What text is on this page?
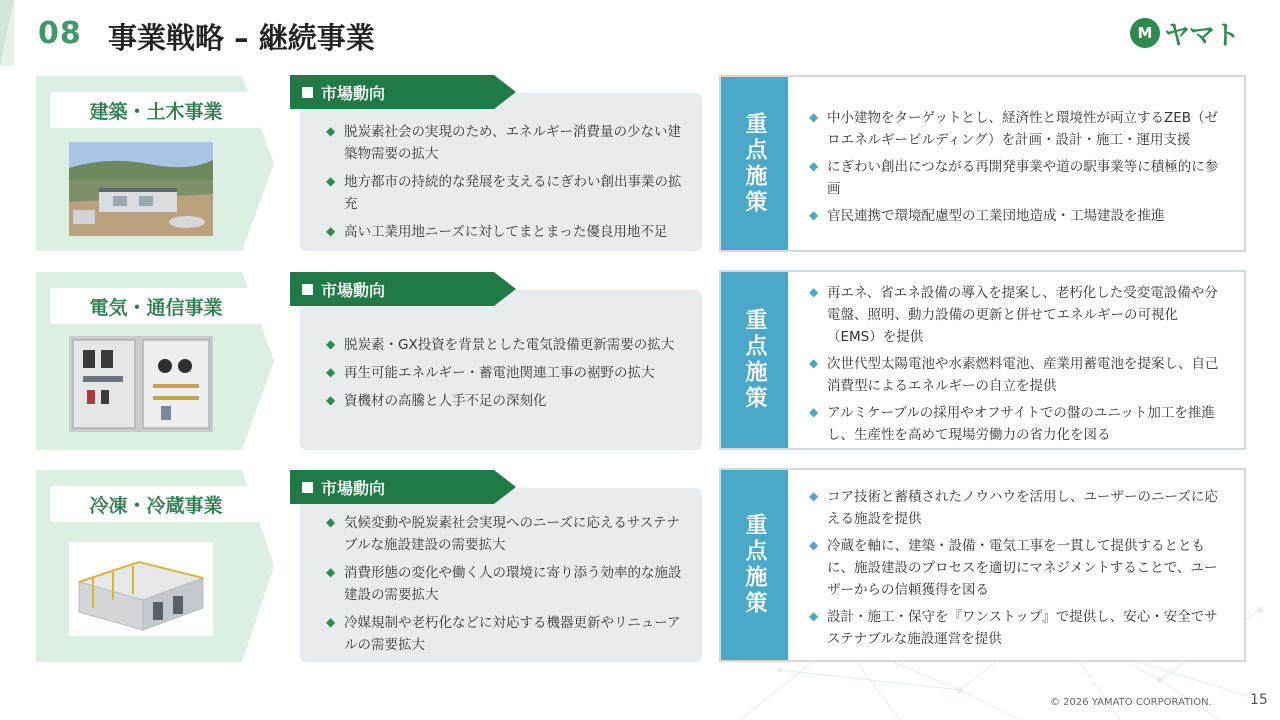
08 事業戦略 – 継続事業	M ヤマト
建築・土木事業
市場動向
◆ 脱炭素社会の実現のため、エネルギー消費量の少ない建築物需要の拡大
◆ 地方都市の持続的な発展を支えるにぎわい創出事業の拡充
◆ 高い工業用地ニーズに対してまとまった優良用地不足
重点施策	◆ 中小建物をターゲットとし、経済性と環境性が両立するZEB（ゼロエネルギービルディング）を計画・設計・施工・運用支援
◆ にぎわい創出につながる再開発事業や道の駅事業等に積極的に参画
◆ 官民連携で環境配慮型の工業団地造成・工場建設を推進
電気・通信事業
市場動向
◆ 脱炭素・GX投資を背景とした電気設備更新需要の拡大
◆ 再生可能エネルギー・蓄電池関連工事の裾野の拡大
◆ 資機材の高騰と人手不足の深刻化	重点施策
◆ 再エネ、省エネ設備の導入を提案し、老朽化した受変電設備や分電盤、照明、動力設備の更新と併せてエネルギーの可視化（EMS）を提供
◆ 次世代型太陽電池や水素燃料電池、産業用蓄電池を提案し、自己消費型によるエネルギーの自立を提供
◆ アルミケーブルの採用やオフサイトでの盤のユニット加工を推進し、生産性を高めて現場労働力の省力化を図る
冷凍・冷蔵事業
市場動向
◆ 気候変動や脱炭素社会実現へのニーズに応えるサステナブルな施設建設の需要拡大
◆ 消費形態の変化や働く人の環境に寄り添う効率的な施設建設の需要拡大
◆ 冷媒規制や老朽化などに対応する機器更新やリニューアルの需要拡大
重点施策
◆ コア技術と蓄積されたノウハウを活用し、ユーザーのニーズに応える施設を提供
◆ 冷蔵を軸に、建築・設備・電気工事を一貫して提供するとともに、施設建設のプロセスを適切にマネジメントすることで、ユーザーからの信頼獲得を図る
◆ 設計・施工・保守を『ワンストップ』で提供し、安心・安全でサステナブルな施設運営を提供
© 2026 YAMATO CORPORATION.	15
